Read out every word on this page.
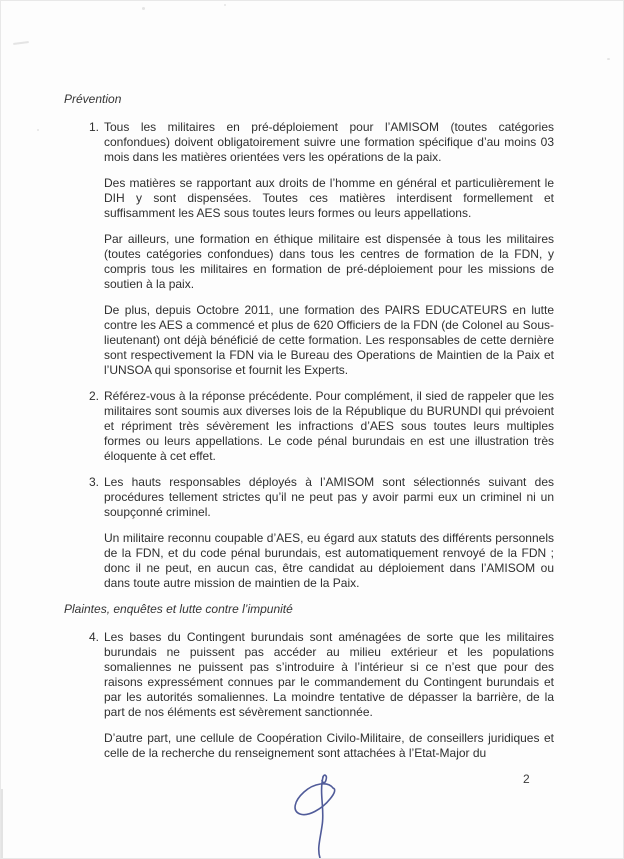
Prévention
1. Tous les militaires en pré-déploiement pour l’AMISOM (toutes catégories confondues) doivent obligatoirement suivre une formation spécifique d’au moins 03 mois dans les matières orientées vers les opérations de la paix.

Des matières se rapportant aux droits de l’homme en général et particulièrement le DIH y sont dispensées. Toutes ces matières interdisent formellement et suffisamment les AES sous toutes leurs formes ou leurs appellations.

Par ailleurs, une formation en éthique militaire est dispensée à tous les militaires (toutes catégories confondues) dans tous les centres de formation de la FDN, y compris tous les militaires en formation de pré-déploiement pour les missions de soutien à la paix.

De plus, depuis Octobre 2011, une formation des PAIRS EDUCATEURS en lutte contre les AES a commencé et plus de 620 Officiers de la FDN (de Colonel au Sous-lieutenant) ont déjà bénéficié de cette formation. Les responsables de cette dernière sont respectivement la FDN via le Bureau des Operations de Maintien de la Paix et l’UNSOA qui sponsorise et fournit les Experts.

2. Référez-vous à la réponse précédente. Pour complément, il sied de rappeler que les militaires sont soumis aux diverses lois de la République du BURUNDI qui prévoient et répriment très sévèrement les infractions d’AES sous toutes leurs multiples formes ou leurs appellations. Le code pénal burundais en est une illustration très éloquente à cet effet.

3. Les hauts responsables déployés à l’AMISOM sont sélectionnés suivant des procédures tellement strictes qu’il ne peut pas y avoir parmi eux un criminel ni un soupçonné criminel.

Un militaire reconnu coupable d’AES, eu égard aux statuts des différents personnels de la FDN, et du code pénal burundais, est automatiquement renvoyé de la FDN ; donc il ne peut, en aucun cas, être candidat au déploiement dans l’AMISOM ou dans toute autre mission de maintien de la Paix.

Plaintes, enquêtes et lutte contre l’impunité
4. Les bases du Contingent burundais sont aménagées de sorte que les militaires burundais ne puissent pas accéder au milieu extérieur et les populations somaliennes ne puissent pas s’introduire à l’intérieur si ce n’est que pour des raisons expressément connues par le commandement du Contingent burundais et par les autorités somaliennes. La moindre tentative de dépasser la barrière, de la part de nos éléments est sévèrement sanctionnée.

D’autre part, une cellule de Coopération Civilo-Militaire, de conseillers juridiques et celle de la recherche du renseignement sont attachées à l’Etat-Major du

2
